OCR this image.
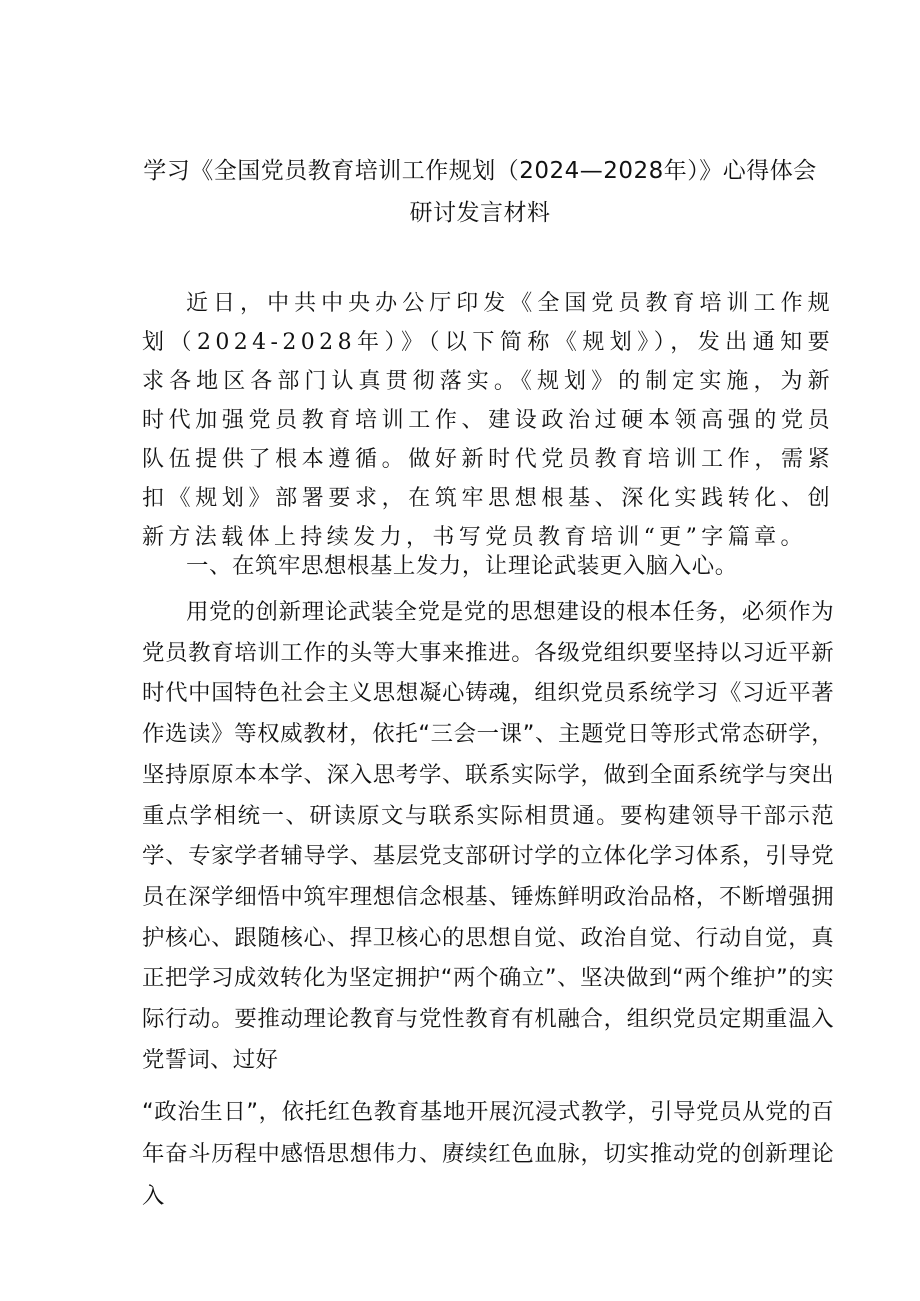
学习《全国党员教育培训工作规划（2024—2028年）》心得体会
研讨发言材料

近日，中共中央办公厅印发《全国党员教育培训工作规划（2024-2028年）》（以下简称《规划》），发出通知要求各地区各部门认真贯彻落实。《规划》的制定实施，为新时代加强党员教育培训工作、建设政治过硬本领高强的党员队伍提供了根本遵循。做好新时代党员教育培训工作，需紧扣《规划》部署要求，在筑牢思想根基、深化实践转化、创新方法载体上持续发力，书写党员教育培训“更”字篇章。

一、在筑牢思想根基上发力，让理论武装更入脑入心。

用党的创新理论武装全党是党的思想建设的根本任务，必须作为党员教育培训工作的头等大事来推进。各级党组织要坚持以习近平新时代中国特色社会主义思想凝心铸魂，组织党员系统学习《习近平著作选读》等权威教材，依托“三会一课”、主题党日等形式常态研学，坚持原原本本学、深入思考学、联系实际学，做到全面系统学与突出重点学相统一、研读原文与联系实际相贯通。要构建领导干部示范学、专家学者辅导学、基层党支部研讨学的立体化学习体系，引导党员在深学细悟中筑牢理想信念根基、锤炼鲜明政治品格，不断增强拥护核心、跟随核心、捍卫核心的思想自觉、政治自觉、行动自觉，真正把学习成效转化为坚定拥护“两个确立”、坚决做到“两个维护”的实际行动。要推动理论教育与党性教育有机融合，组织党员定期重温入党誓词、过好

“政治生日”，依托红色教育基地开展沉浸式教学，引导党员从党的百年奋斗历程中感悟思想伟力、赓续红色血脉，切实推动党的创新理论入
